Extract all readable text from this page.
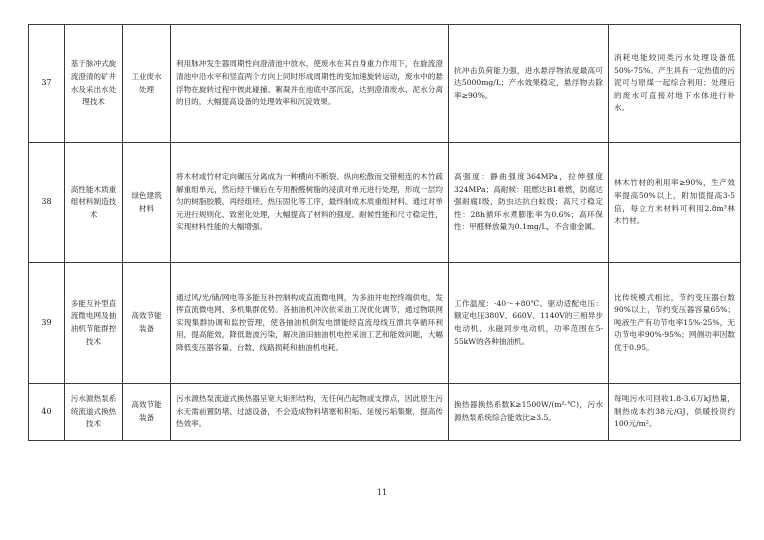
37	基于脉冲式旋流澄清的矿井水及采出水处理技术	工业废水处理	利用脉冲发生器周期性向澄清池中放水，使废水在其自身重力作用下，在旋流澄清池中沿水平和竖直两个方向上同时形成周期性的变加速旋转运动，废水中的悬浮物在旋转过程中彼此碰撞、絮凝并在池底中部沉淀，达到澄清废水、泥水分离的目的，大幅提高设备的处理效率和沉淀效果。	抗冲击负荷能力强，进水悬浮物浓度最高可达5000mg/L；产水效果稳定，悬浮物去除率≥90%。	消耗电能较同类污水处理设备低50%-75%。产生具有一定热值的污泥可与原煤一起综合利用；处理后的废水可直接对地下水体进行补水。
38	高性能木质重组材料制造技术	绿色建筑材料	将木材或竹材定向碾压分离成为一种横向不断裂、纵向松散而交错相连的木竹疏解重组单元，然后经干燥后在专用酚醛树脂的浸渍对单元进行处理，形成一层均匀的树脂胶膜，再经组坯、热压固化等工序，最终制成木质重组材料。通过对单元进行规则化、致密化处理，大幅提高了材料的强度、耐候性能和尺寸稳定性，实现材料性能的大幅增强。	高强度：静曲强度364MPa，拉伸强度324MPa；高耐候：阻燃达B1难燃，防腐达强耐腐I级，防虫达抗白蚁级；高尺寸稳定性：28h循环水煮膨胀率为0.6%；高环保性：甲醛释放量为0.1mg/L，不含重金属。	林木竹材的利用率≥90%，生产效率提高50%以上，附加值提高3-5倍，每立方米材料可利用2.8m³林木竹材。
39	多能互补型直流微电网及抽油机节能群控技术	高效节能装备	通过风/光/储/网电等多能互补控制构成直流微电网，为多油井电控终端供电，发挥直流微电网、多机集群优势。各抽油机冲次依采油工况优化调节，通过物联网实现集群协调和监控管理，使各抽油机倒发电馈能经直流母线互馈共享循环利用，提高能效，降低谐波污染，解决油田抽油机电控采油工艺和能效问题，大幅降低变压器容量、台数、线路损耗和抽油机电耗。	工作温度：-40～+80℃。驱动适配电压：额定电压380V、660V、1140V的三相异步电动机、永磁同步电动机，功率范围在5-55kW的各种抽油机。	比传统模式相比，节约变压器台数90%以上，节约变压器容量65%；吨液生产有功节电率15%-25%，无功节电率90%-95%；网侧功率因数优于0.95。
40	污水源热泵系统流道式换热技术	高效节能装备	污水源热泵流道式换热器呈宽大矩形结构，无任何凸起物或支撑点，因此原生污水无需前置防堵、过滤设备，不会造成物料堵塞和积垢、延缓污垢集聚，提高传热效率。	换热器换热系数K≥1500W/(m²·℃)，污水源热泵系统综合能效比≥3.5。	每吨污水可回收1.8-3.6万kJ热量，制热成本约38元/GJ，供暖投资约100元/m²。
11
